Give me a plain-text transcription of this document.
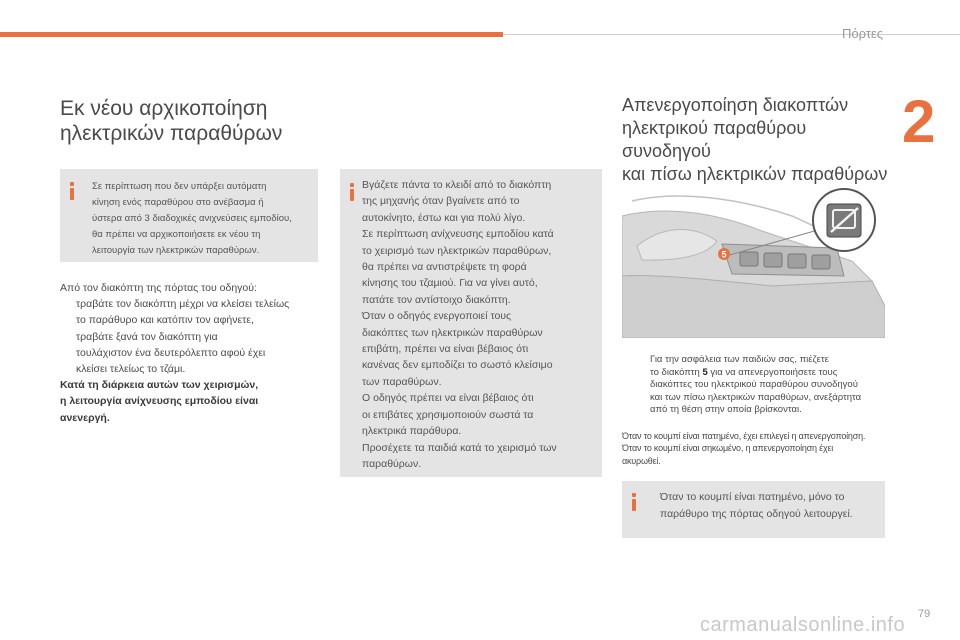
Πόρτες
2
Εκ νέου αρχικοποίηση
ηλεκτρικών παραθύρων
Σε περίπτωση που δεν υπάρξει αυτόματη
κίνηση ενός παραθύρου στο ανέβασμα ή
ύστερα από 3 διαδοχικές ανιχνεύσεις εμποδίου,
θα πρέπει να αρχικοποιήσετε εκ νέου τη
λειτουργία των ηλεκτρικών παραθύρων.
Από τον διακόπτη της πόρτας του οδηγού:
τραβάτε τον διακόπτη μέχρι να κλείσει τελείως
το παράθυρο και κατόπιν τον αφήνετε,
τραβάτε ξανά τον διακόπτη για
τουλάχιστον ένα δευτερόλεπτο αφού έχει
κλείσει τελείως το τζάμι.
Κατά τη διάρκεια αυτών των χειρισμών,
η λειτουργία ανίχνευσης εμποδίου είναι
ανενεργή.
Βγάζετε πάντα το κλειδί από το διακόπτη
της μηχανής όταν βγαίνετε από το
αυτοκίνητο, έστω και για πολύ λίγο.
Σε περίπτωση ανίχνευσης εμποδίου κατά
το χειρισμό των ηλεκτρικών παραθύρων,
θα πρέπει να αντιστρέψετε τη φορά
κίνησης του τζαμιού. Για να γίνει αυτό,
πατάτε τον αντίστοιχο διακόπτη.
Όταν ο οδηγός ενεργοποιεί τους
διακόπτες των ηλεκτρικών παραθύρων
επιβάτη, πρέπει να είναι βέβαιος ότι
κανένας δεν εμποδίζει το σωστό κλείσιμο
των παραθύρων.
Ο οδηγός πρέπει να είναι βέβαιος ότι
οι επιβάτες χρησιμοποιούν σωστά τα
ηλεκτρικά παράθυρα.
Προσέχετε τα παιδιά κατά το χειρισμό των
παραθύρων.
Απενεργοποίηση διακοπτών
ηλεκτρικού παραθύρου συνοδηγού
και πίσω ηλεκτρικών παραθύρων
5
Για την ασφάλεια των παιδιών σας, πιέζετε
το διακόπτη 5 για να απενεργοποιήσετε τους
διακόπτες του ηλεκτρικού παραθύρου συνοδηγού
και των πίσω ηλεκτρικών παραθύρων, ανεξάρτητα
από τη θέση στην οποία βρίσκονται.
Όταν το κουμπί είναι πατημένο, έχει επιλεγεί η απενεργοποίηση.
Όταν το κουμπί είναι σηκωμένο, η απενεργοποίηση έχει
ακυρωθεί.
Όταν το κουμπί είναι πατημένο, μόνο το
παράθυρο της πόρτας οδηγού λειτουργεί.
carmanualsonline.info 79
